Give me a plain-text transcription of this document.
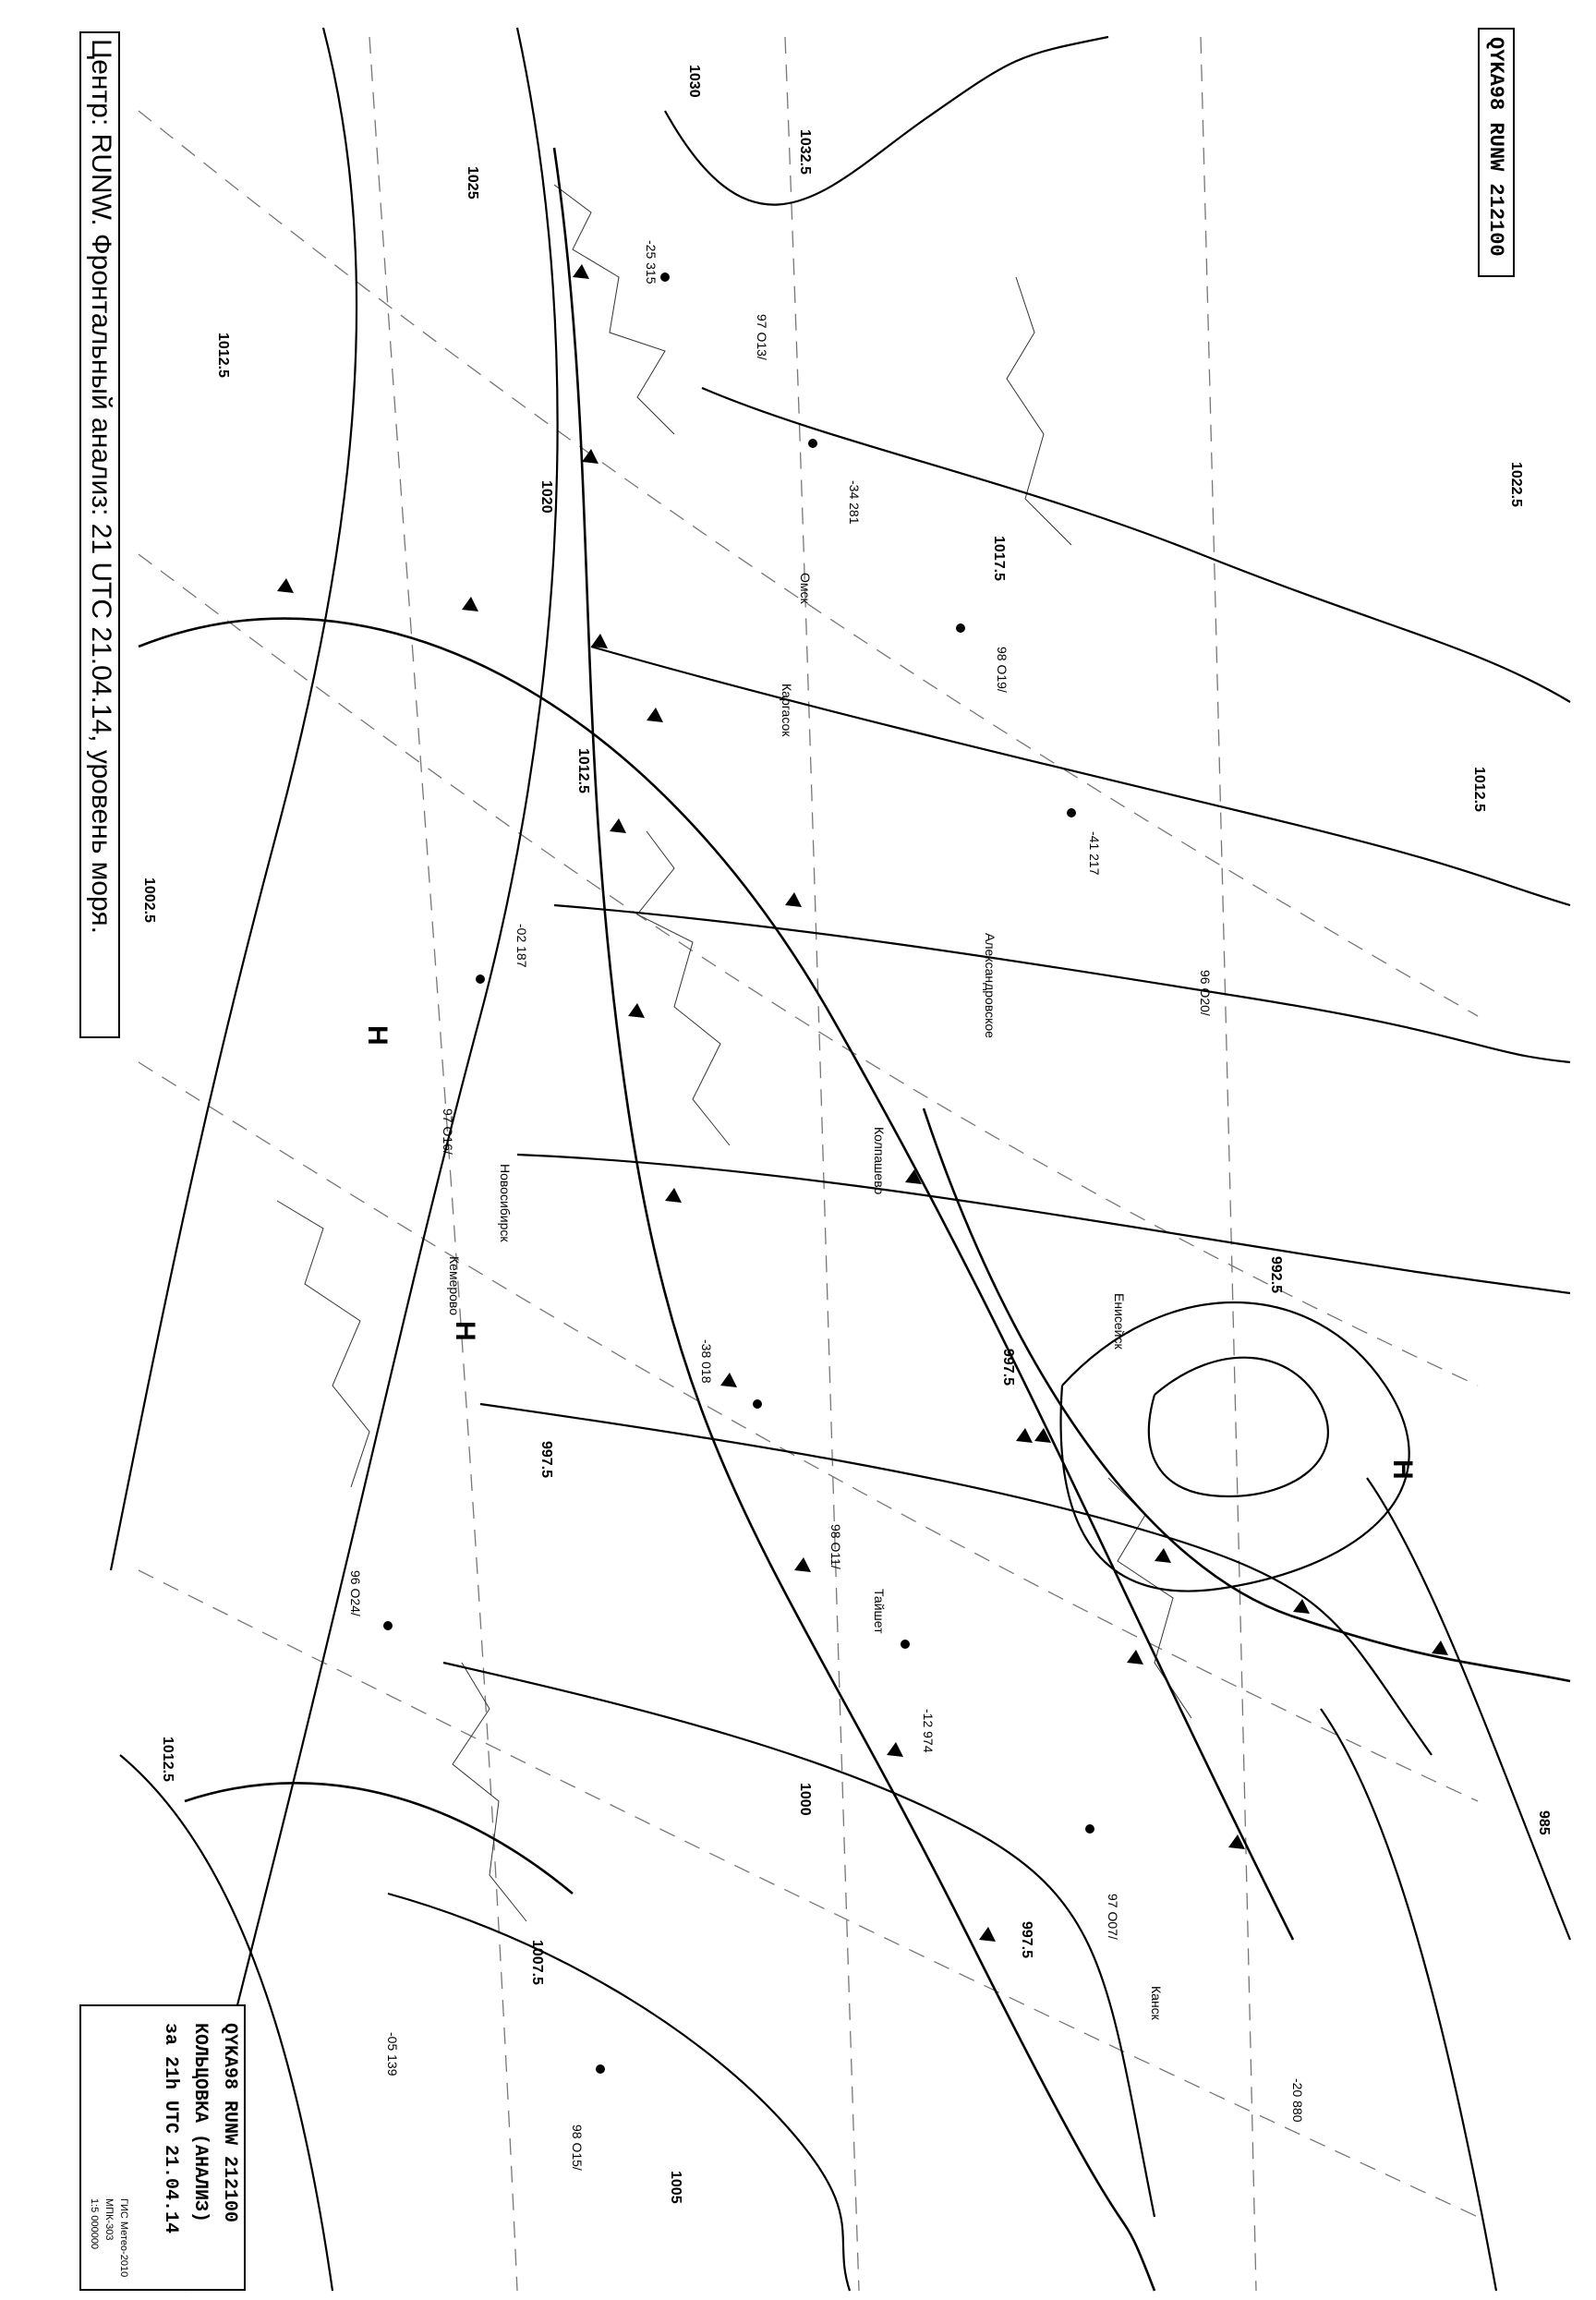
-25 315
97 O13/
-34 281
98 O19/
-41 217
96 O20/
-02 187
97 O16/
-38 018
98 O11/
-12 974
97 O07/
-20 880
96 O24/
-05 139
98 O15/
1030
1032.5
1025
1022.5
1020
1017.5
1012.5
1012.5	1012.5
1002.5
992.5
997.5
997.5
1000
1007.5
1012.5
997.5
985
1005
H
H
H
Александровское
Новосибирск
Каргасок
Колпашево
Канск
Енисейск
Тайшет
Кемерово
Омск
QYKA98 RUNW 212100
Центр: RUNW. Фронтальный анализ: 21 UTC 21.04.14, уровень моря.
QYKA98 RUNW 212100
КОЛЬЦОВКА (АНАЛИЗ)
за 21h UTC 21.04.14
ГИС Метео-2010
МПК-303
1:5 000000
